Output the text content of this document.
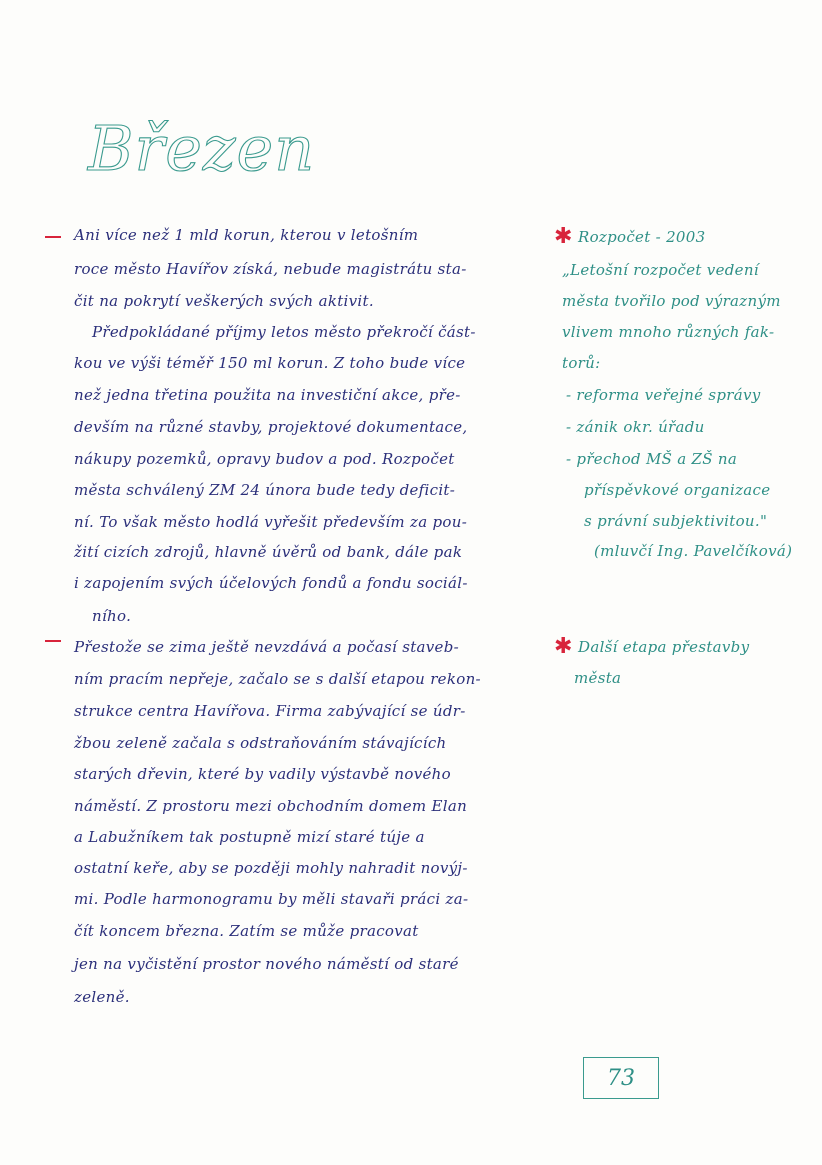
Březen
Ani více než 1 mld korun, kterou v letošním
roce město Havířov získá, nebude magistrátu sta-
čit na pokrytí veškerých svých aktivit.
Předpokládané příjmy letos město překročí část-
kou ve výši téměř 150 ml korun. Z toho bude více
než jedna třetina použita na investiční akce, pře-
devším na různé stavby, projektové dokumentace,
nákupy pozemků, opravy budov a pod. Rozpočet
města schválený ZM 24 února bude tedy deficit-
ní. To však město hodlá vyřešit především za pou-
žití cizích zdrojů, hlavně úvěrů od bank, dále pak
i zapojením svých účelových fondů a fondu sociál-
ního.
Přestože se zima ještě nevzdává a počasí staveb-
ním pracím nepřeje, začalo se s další etapou rekon-
strukce centra Havířova. Firma zabývající se údr-
žbou zeleně začala s odstraňováním stávajících
starých dřevin, které by vadily výstavbě nového
náměstí. Z prostoru mezi obchodním domem Elan
a Labužníkem tak postupně mizí staré túje a
ostatní keře, aby se později mohly nahradit novýj-
mi. Podle harmonogramu by měli stavaři práci za-
čít koncem března. Zatím se může pracovat
jen na vyčistění prostor nového náměstí od staré
zeleně.
✱ Rozpočet - 2003
„Letošní rozpočet vedení
města tvořilo pod výrazným
vlivem mnoho různých fak-
torů:
- reforma veřejné správy
- zánik okr. úřadu
- přechod MŠ a ZŠ na
příspěvkové organizace
s právní subjektivitou."
(mluvčí Ing. Pavelčíková)
✱ Další etapa přestavby
města
73
